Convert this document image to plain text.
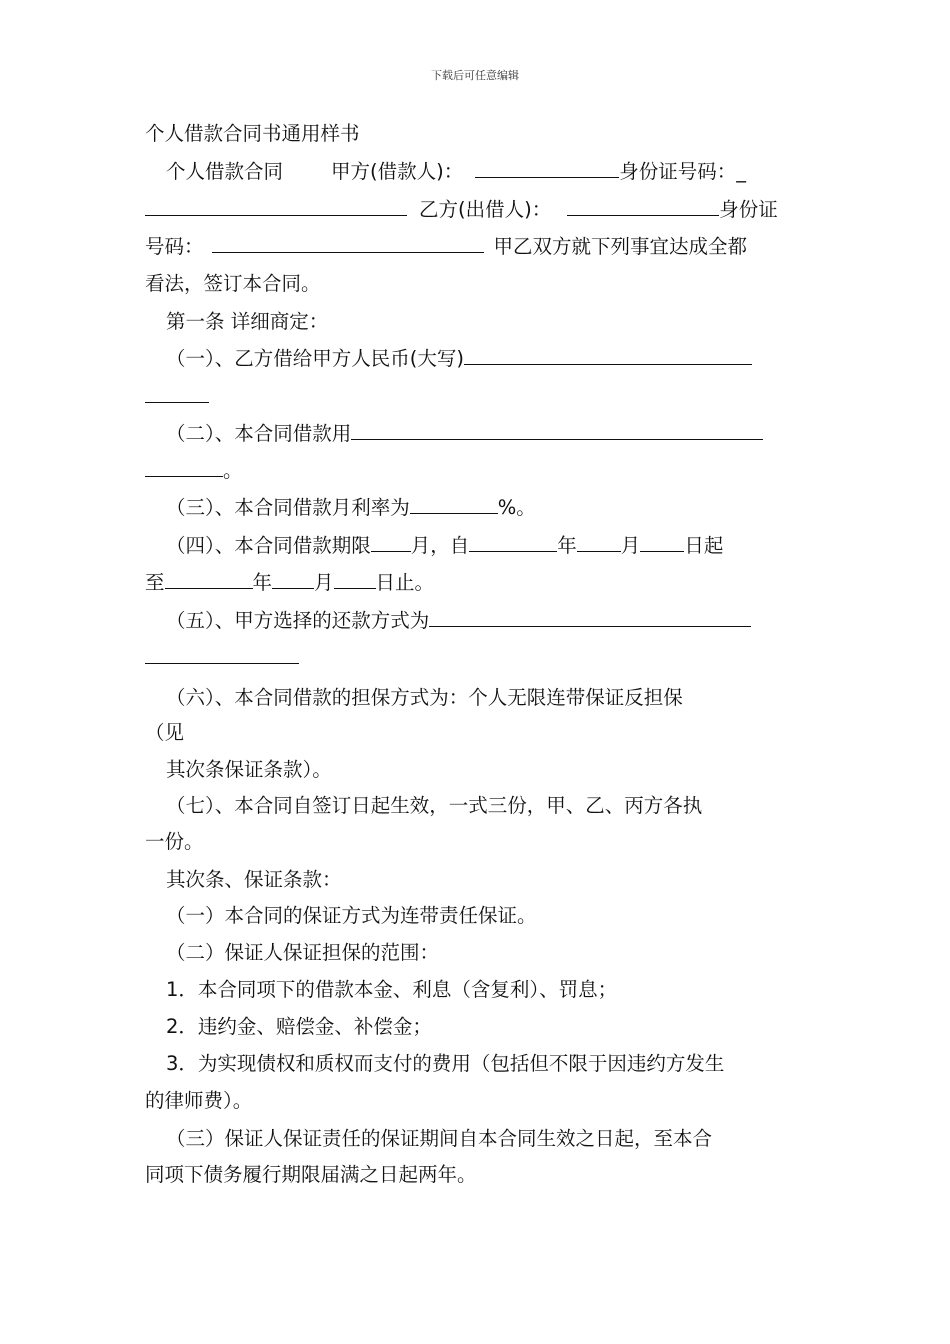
下载后可任意编辑
个人借款合同书通用样书
个人借款合同 甲方(借款人)：	身份证号码：_
乙方(出借人)：	身份证
号码：	甲乙双方就下列事宜达成全都
看法，签订本合同。
第一条 详细商定：
（一）、乙方借给甲方人民币(大写)
（二）、本合同借款用
。
（三）、本合同借款月利率为	%。
（四）、本合同借款期限 月，自	年 月 日起
至	年 月 日止。
（五）、甲方选择的还款方式为
（六）、本合同借款的担保方式为：个人无限连带保证反担保
（见
其次条保证条款）。
（七）、本合同自签订日起生效，一式三份，甲、乙、丙方各执
一份。
其次条、保证条款：
（一）本合同的保证方式为连带责任保证。
（二）保证人保证担保的范围：
1．本合同项下的借款本金、利息（含复利）、罚息；
2．违约金、赔偿金、补偿金；
3．为实现债权和质权而支付的费用（包括但不限于因违约方发生
的律师费）。
（三）保证人保证责任的保证期间自本合同生效之日起，至本合
同项下债务履行期限届满之日起两年。
